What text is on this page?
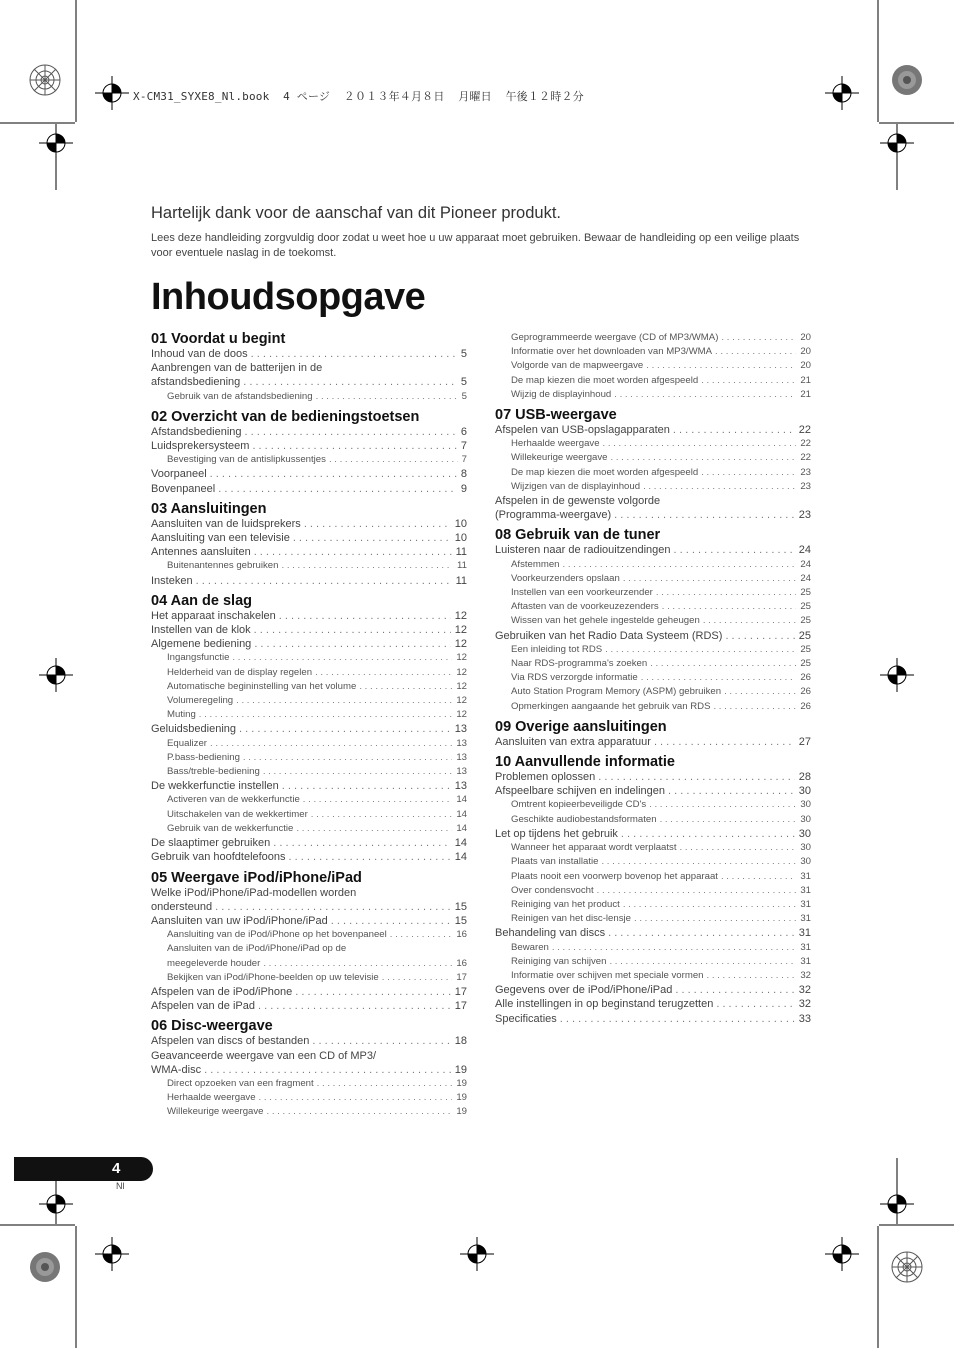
X-CM31_SYXE8_Nl.book  4 ページ  ２０１３年４月８日  月曜日  午後１２時２分
Hartelijk dank voor de aanschaf van dit Pioneer produkt.

Lees deze handleiding zorgvuldig door zodat u weet hoe u uw apparaat moet gebruiken. Bewaar de handleiding op een veilige plaats voor eventuele naslag in de toekomst.

Inhoudsopgave
01 Voordat u begint
Inhoud van de doos . . .	5
Aanbrengen van de batterijen in de
afstandsbediening . . .	5
Gebruik van de afstandsbediening . . .	5
02 Overzicht van de bedieningstoetsen
Afstandsbediening . . .	6
Luidsprekersysteem . . .	7
Bevestiging van de antislipkussentjes . . .	7
Voorpaneel . . .	8
Bovenpaneel . . .	9
03 Aansluitingen
Aansluiten van de luidsprekers . . .	10
Aansluiting van een televisie . . .	10
Antennes aansluiten . . .	11
Buitenantennes gebruiken . . .	11
Insteken . . .	11
04 Aan de slag
Het apparaat inschakelen . . .	12
Instellen van de klok . . .	12
Algemene bediening . . .	12
Ingangsfunctie . . .	12
Helderheid van de display regelen . . .	12
Automatische begininstelling van het volume . . .	12
Volumeregeling . . .	12
Muting . . .	12
Geluidsbediening . . .	13
Equalizer . . .	13
P.bass-bediening . . .	13
Bass/treble-bediening . . .	13
De wekkerfunctie instellen . . .	13
Activeren van de wekkerfunctie . . .	14
Uitschakelen van de wekkertimer . . .	14
Gebruik van de wekkerfunctie . . .	14
De slaaptimer gebruiken . . .	14
Gebruik van hoofdtelefoons . . .	14
05 Weergave iPod/iPhone/iPad
Welke iPod/iPhone/iPad-modellen worden
ondersteund . . .	15
Aansluiten van uw iPod/iPhone/iPad . . .	15
Aansluiting van de iPod/iPhone op het bovenpaneel . . .	16
Aansluiten van de iPod/iPhone/iPad op de
meegeleverde houder . . .	16
Bekijken van iPod/iPhone-beelden op uw televisie . . .	17
Afspelen van de iPod/iPhone . . .	17
Afspelen van de iPad . . .	17
06 Disc-weergave
Afspelen van discs of bestanden . . .	18
Geavanceerde weergave van een CD of MP3/
WMA-disc . . .	19
Direct opzoeken van een fragment . . .	19
Herhaalde weergave . . .	19
Willekeurige weergave . . .	19
Geprogrammeerde weergave (CD of MP3/WMA) . . .	20
Informatie over het downloaden van MP3/WMA . . .	20
Volgorde van de mapweergave . . .	20
De map kiezen die moet worden afgespeeld . . .	21
Wijzig de displayinhoud . . .	21
07 USB-weergave
Afspelen van USB-opslagapparaten . . .	22
Herhaalde weergave . . .	22
Willekeurige weergave . . .	22
De map kiezen die moet worden afgespeeld . . .	23
Wijzigen van de displayinhoud . . .	23
Afspelen in de gewenste volgorde
(Programma-weergave) . . .	23
08 Gebruik van de tuner
Luisteren naar de radiouitzendingen . . .	24
Afstemmen . . .	24
Voorkeurzenders opslaan . . .	24
Instellen van een voorkeurzender . . .	25
Aftasten van de voorkeuzezenders . . .	25
Wissen van het gehele ingestelde geheugen . . .	25
Gebruiken van het Radio Data Systeem (RDS) . . .	25
Een inleiding tot RDS . . .	25
Naar RDS-programma's zoeken . . .	25
Via RDS verzorgde informatie . . .	26
Auto Station Program Memory (ASPM) gebruiken . . .	26
Opmerkingen aangaande het gebruik van RDS . . .	26
09 Overige aansluitingen
Aansluiten van extra apparatuur . . .	27
10 Aanvullende informatie
Problemen oplossen . . .	28
Afspeelbare schijven en indelingen . . .	30
Omtrent kopieerbeveiligde CD's . . .	30
Geschikte audiobestandsformaten . . .	30
Let op tijdens het gebruik . . .	30
Wanneer het apparaat wordt verplaatst . . .	30
Plaats van installatie . . .	30
Plaats nooit een voorwerp bovenop het apparaat . . .	31
Over condensvocht . . .	31
Reiniging van het product . . .	31
Reinigen van het disc-lensje . . .	31
Behandeling van discs . . .	31
Bewaren . . .	31
Reiniging van schijven . . .	31
Informatie over schijven met speciale vormen . . .	32
Gegevens over de iPod/iPhone/iPad . . .	32
Alle instellingen in op beginstand terugzetten . . .	32
Specificaties . . .	33
4
Nl
